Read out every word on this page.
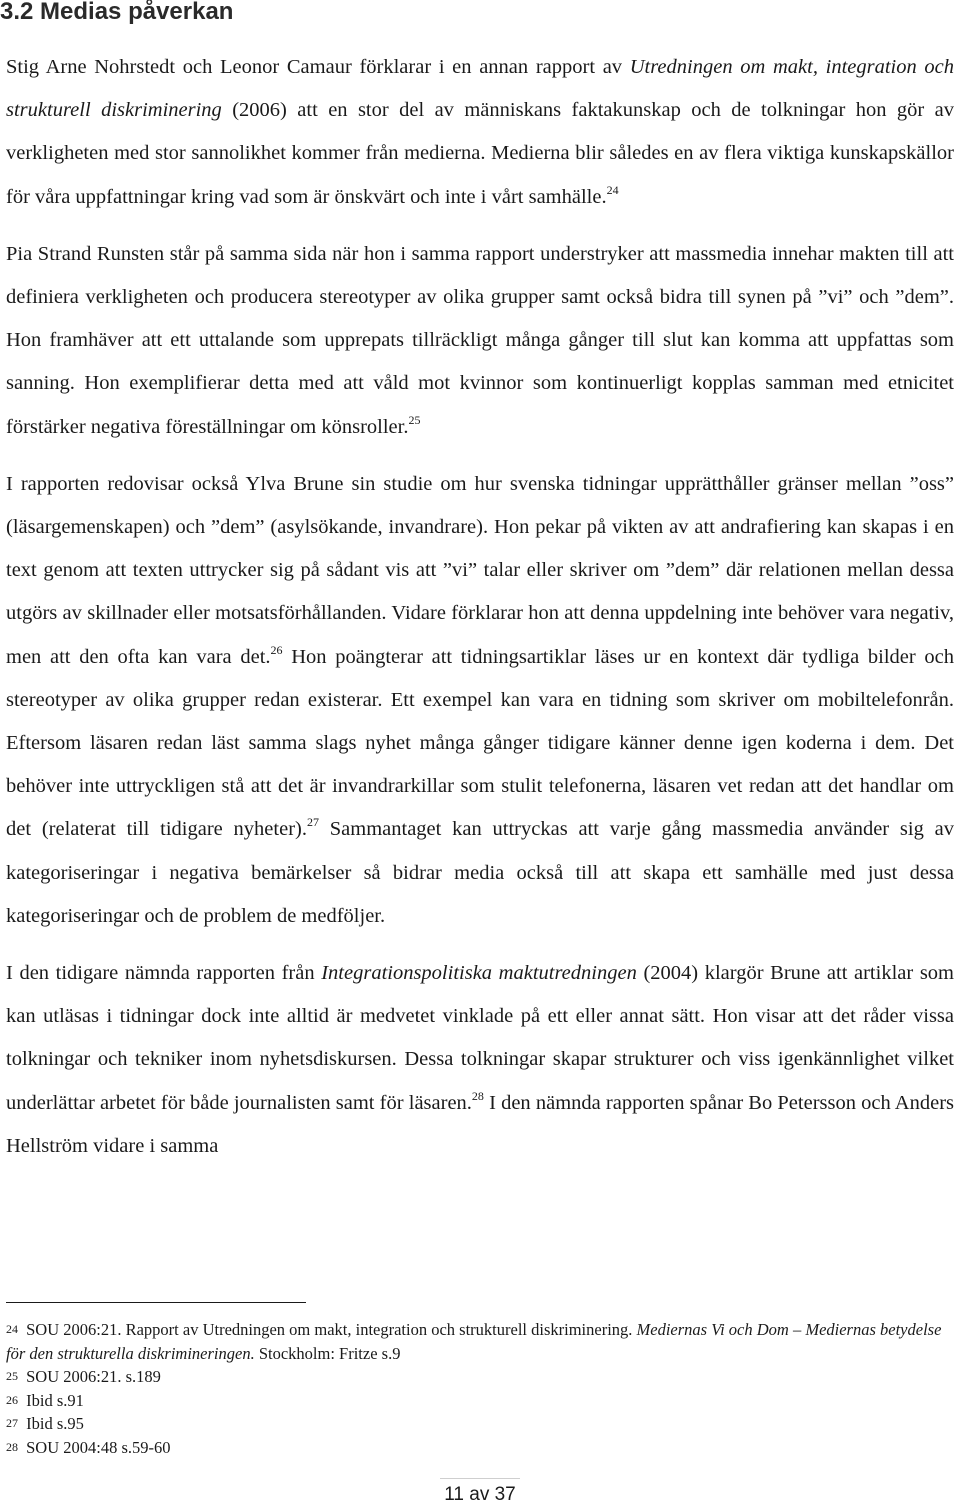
3.2 Medias påverkan

Stig Arne Nohrstedt och Leonor Camaur förklarar i en annan rapport av Utredningen om makt, integration och strukturell diskriminering (2006) att en stor del av människans faktakunskap och de tolkningar hon gör av verkligheten med stor sannolikhet kommer från medierna. Medierna blir således en av flera viktiga kunskapskällor för våra uppfattningar kring vad som är önskvärt och inte i vårt samhälle.$^{24}$

Pia Strand Runsten står på samma sida när hon i samma rapport understryker att massmedia innehar makten till att definiera verkligheten och producera stereotyper av olika grupper samt också bidra till synen på ”vi” och ”dem”. Hon framhäver att ett uttalande som upprepats tillräckligt många gånger till slut kan komma att uppfattas som sanning. Hon exemplifierar detta med att våld mot kvinnor som kontinuerligt kopplas samman med etnicitet förstärker negativa föreställningar om könsroller.$^{25}$

I rapporten redovisar också Ylva Brune sin studie om hur svenska tidningar upprätthåller gränser mellan ”oss” (läsargemenskapen) och ”dem” (asylsökande, invandrare). Hon pekar på vikten av att andrafiering kan skapas i en text genom att texten uttrycker sig på sådant vis att ”vi” talar eller skriver om ”dem” där relationen mellan dessa utgörs av skillnader eller motsatsförhållanden. Vidare förklarar hon att denna uppdelning inte behöver vara negativ, men att den ofta kan vara det.$^{26}$ Hon poängterar att tidningsartiklar läses ur en kontext där tydliga bilder och stereotyper av olika grupper redan existerar. Ett exempel kan vara en tidning som skriver om mobiltelefonrån. Eftersom läsaren redan läst samma slags nyhet många gånger tidigare känner denne igen koderna i dem. Det behöver inte uttryckligen stå att det är invandrarkillar som stulit telefonerna, läsaren vet redan att det handlar om det (relaterat till tidigare nyheter).$^{27}$ Sammantaget kan uttryckas att varje gång massmedia använder sig av kategoriseringar i negativa bemärkelser så bidrar media också till att skapa ett samhälle med just dessa kategoriseringar och de problem de medföljer.

I den tidigare nämnda rapporten från Integrationspolitiska maktutredningen (2004) klargör Brune att artiklar som kan utläsas i tidningar dock inte alltid är medvetet vinklade på ett eller annat sätt. Hon visar att det råder vissa tolkningar och tekniker inom nyhetsdiskursen. Dessa tolkningar skapar strukturer och viss igenkännlighet vilket underlättar arbetet för både journalisten samt för läsaren.$^{28}$ I den nämnda rapporten spånar Bo Petersson och Anders Hellström vidare i samma

24 SOU 2006:21. Rapport av Utredningen om makt, integration och strukturell diskriminering. Mediernas Vi och Dom – Mediernas betydelse för den strukturella diskrimineringen. Stockholm: Fritze s.9

25 SOU 2006:21. s.189

26 Ibid s.91

27 Ibid s.95

28 SOU 2004:48 s.59-60

11 av 37
